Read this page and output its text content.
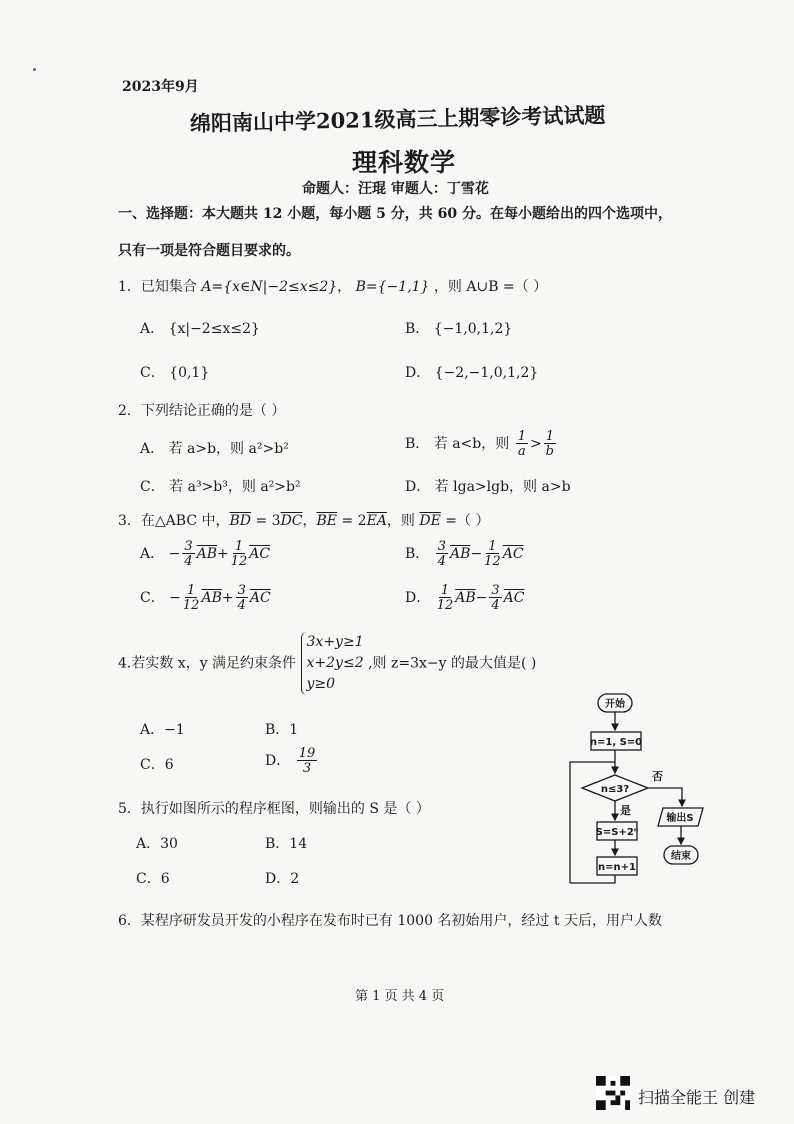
2023年9月
绵阳南山中学2021级高三上期零诊考试试题
理科数学
命题人：汪琨 审题人：丁雪花
一、选择题：本大题共 12 小题，每小题 5 分，共 60 分。在每小题给出的四个选项中，
只有一项是符合题目要求的。
1．已知集合 A={x∈N|−2≤x≤2}， B={−1,1} ，则 A∪B =（ ）
A． {x|−2≤x≤2}	B． {−1,0,1,2}
C． {0,1}	D． {−2,−1,0,1,2}
2．下列结论正确的是（ ）
A． 若 a>b，则 a²>b²	B． 若 a<b，则 $\frac{1}{a} > \frac{1}{b}$
C． 若 a³>b³，则 a²>b²	D． 若 lga>lgb，则 a>b
3．在△ABC 中，$\overline{BD} = 3\overline{DC}$，$\overline{BE} = 2\overline{EA}$，则 $\overline{DE}$ =（ ）
A． − $\frac{3}{4} \overline{AB}+ \frac{1}{12} \overline{AC}$	B． $\frac{3}{4} \overline{AB}- \frac{1}{12} \overline{AC}$
C． − $\frac{1}{12} \overline{AB}+ \frac{3}{4} \overline{AC}$	D． $\frac{1}{12} \overline{AB}- \frac{3}{4} \overline{AC}$
4.若实数 x，y 满足约束条件 3x+y≥1
x+2y≤2
y≥0 ,则 z=3x−y 的最大值是( )
A．−1	B．1
C．6	D． $\frac{19}{3}$
5．执行如图所示的程序框图，则输出的 S 是（ ）
A．30	B．14
C．6	D．2
开始
n=1, S=0
n≤3?
否
是
S=S+2ⁿ
n=n+1
输出S
结束
6．某程序研发员开发的小程序在发布时已有 1000 名初始用户，经过 t 天后，用户人数
第 1 页 共 4 页
扫描全能王 创建
